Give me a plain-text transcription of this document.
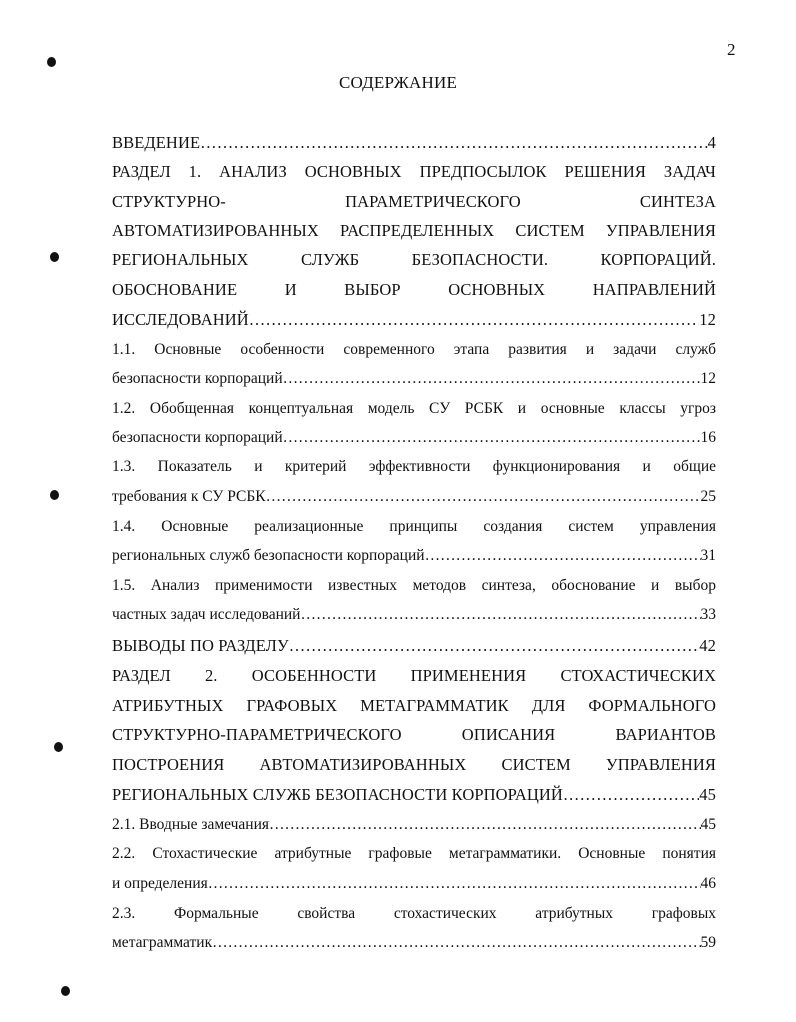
2
СОДЕРЖАНИЕ
ВВЕДЕНИЕ ………………………………………………………………………………………………………………………………………………………………………………………………	4
РАЗДЕЛ 1. АНАЛИЗ ОСНОВНЫХ ПРЕДПОСЫЛОК РЕШЕНИЯ ЗАДАЧ
СТРУКТУРНО- ПАРАМЕТРИЧЕСКОГО СИНТЕЗА
АВТОМАТИЗИРОВАННЫХ РАСПРЕДЕЛЕННЫХ СИСТЕМ УПРАВЛЕНИЯ
РЕГИОНАЛЬНЫХ СЛУЖБ БЕЗОПАСНОСТИ. КОРПОРАЦИЙ.
ОБОСНОВАНИЕ И ВЫБОР ОСНОВНЫХ НАПРАВЛЕНИЙ
ИССЛЕДОВАНИЙ ………………………………………………………………………………………………………………………………………………………………………………………………	12
1.1. Основные особенности современного этапа развития и задачи служб
безопасности корпораций ………………………………………………………………………………………………………………………………………………………………………………………………	12
1.2. Обобщенная концептуальная модель СУ РСБК и основные классы угроз
безопасности корпораций ………………………………………………………………………………………………………………………………………………………………………………………………	16
1.3. Показатель и критерий эффективности функционирования и общие
требования к СУ РСБК ………………………………………………………………………………………………………………………………………………………………………………………………	25
1.4. Основные реализационные принципы создания систем управления
региональных служб безопасности корпораций ………………………………………………………………………………………………………………………………………………………………………………………………	31
1.5. Анализ применимости известных методов синтеза, обоснование и выбор
частных задач исследований ………………………………………………………………………………………………………………………………………………………………………………………………	33
ВЫВОДЫ ПО РАЗДЕЛУ ………………………………………………………………………………………………………………………………………………………………………………………………	42
РАЗДЕЛ 2. ОСОБЕННОСТИ ПРИМЕНЕНИЯ СТОХАСТИЧЕСКИХ
АТРИБУТНЫХ ГРАФОВЫХ МЕТАГРАММАТИК ДЛЯ ФОРМАЛЬНОГО
СТРУКТУРНО-ПАРАМЕТРИЧЕСКОГО ОПИСАНИЯ ВАРИАНТОВ
ПОСТРОЕНИЯ АВТОМАТИЗИРОВАННЫХ СИСТЕМ УПРАВЛЕНИЯ
РЕГИОНАЛЬНЫХ СЛУЖБ БЕЗОПАСНОСТИ КОРПОРАЦИЙ ………………………………………………………………………………………………………………………………………………………………………………………………	45
2.1. Вводные замечания ………………………………………………………………………………………………………………………………………………………………………………………………	45
2.2. Стохастические атрибутные графовые метаграмматики. Основные понятия
и определения ………………………………………………………………………………………………………………………………………………………………………………………………	46
2.3. Формальные свойства стохастических атрибутных графовых
метаграмматик ………………………………………………………………………………………………………………………………………………………………………………………………	59
